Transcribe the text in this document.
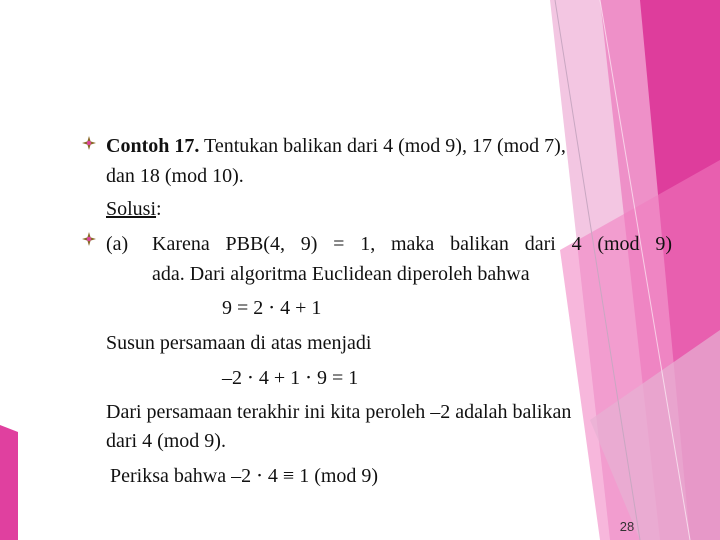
Contoh 17. Tentukan balikan dari 4 (mod 9), 17 (mod 7),
dan 18 (mod 10).
Solusi:
(a) Karena PBB(4, 9) = 1, maka balikan dari 4 (mod 9)
ada. Dari algoritma Euclidean diperoleh bahwa
9 = 2 ⋅ 4 + 1
Susun persamaan di atas menjadi
–2 ⋅ 4 + 1 ⋅ 9 = 1
Dari persamaan terakhir ini kita peroleh –2 adalah balikan
dari 4 (mod 9).
Periksa bahwa –2 ⋅ 4 ≡ 1 (mod 9)
28
